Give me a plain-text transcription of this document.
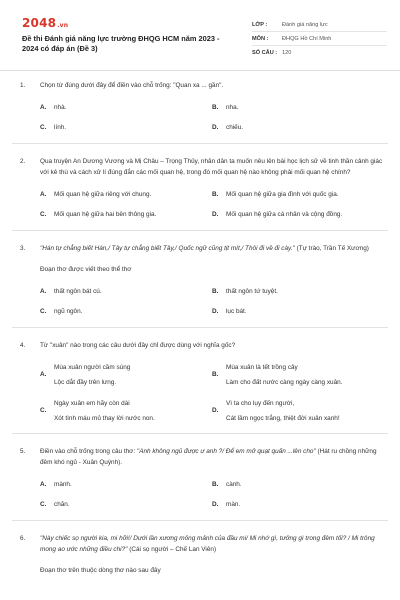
2048.vn
Đề thi Đánh giá năng lực trường ĐHQG HCM năm 2023 - 2024 có đáp án (Đề 3)
LỚP :	Đánh giá năng lực
MÔN :	ĐHQG Hồ Chí Minh
SỐ CÂU : 120
1.	Chọn từ đúng dưới đây để điền vào chỗ trống: "Quan xa ... gần".
A.	nhà.	B.	nha.
C.	lính.	D.	chiếu.
2.	Qua truyện An Dương Vương và Mị Châu – Trọng Thủy, nhân dân ta muốn nêu lên bài học lịch sử về tinh thần cảnh giác với kẻ thù và cách xử lí đúng đắn các mối quan hệ, trong đó mối quan hệ nào không phải mối quan hệ chính?
A.	Mối quan hệ giữa riêng với chung.	B.	Mối quan hệ giữa gia đình với quốc gia.
C.	Mối quan hệ giữa hai bên thông gia.	D.	Mối quan hệ giữa cá nhân và cộng đồng.
3.	"Hán tự chẳng biết Hán,/ Tây tự chẳng biết Tây,/ Quốc ngữ cũng tịt mít,/ Thôi đi về đi cày." (Tự trào, Trần Tế Xương)
Đoạn thơ được viết theo thể thơ
A.	thất ngôn bát cú.	B.	thất ngôn tứ tuyệt.
C.	ngũ ngôn.	D.	lục bát.
4.	Từ "xuân" nào trong các câu dưới đây chỉ được dùng với nghĩa gốc?
A.
Mùa xuân người cầm súng
Lộc dắt đầy trên lưng.
B.
Mùa xuân là tết trồng cây
Làm cho đất nước càng ngày càng xuân.
C.
Ngày xuân em hãy còn dài
Xót tình máu mủ thay lời nước non.
D.
Vì ta cho lụy đến người,
Cát lầm ngọc trắng, thiệt đời xuân xanh!
5.	Điền vào chỗ trống trong câu thơ: "Anh không ngủ được ư anh ?/ Để em mở quạt quấn ...lên cho" (Hát ru chồng những đêm khó ngủ - Xuân Quỳnh).
A.	mành.	B.	cành.
C.	chăn.	D.	màn.
6.	"Này chiếc sọ người kia, mi hỡi!/ Dưới lần xương mỏng mảnh của đầu mi/ Mi nhớ gì, tưởng gì trong đêm tối? / Mi trông mong ao ước những điều chi?" (Cái sọ người – Chế Lan Viên)
Đoạn thơ trên thuộc dòng thơ nào sau đây
